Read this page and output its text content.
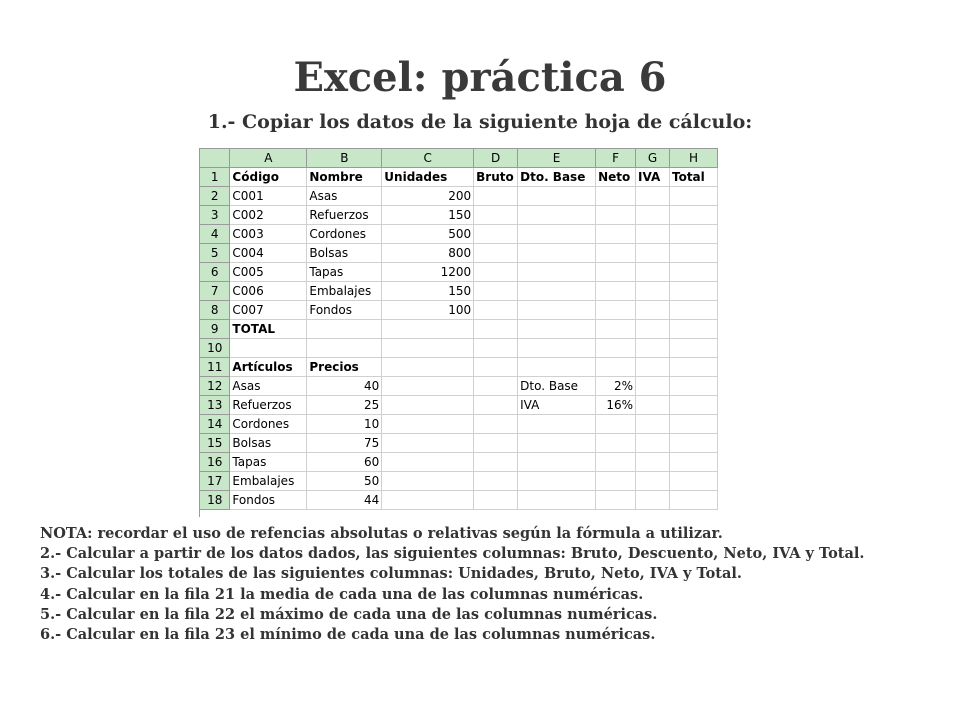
Excel: práctica 6
1.- Copiar los datos de la siguiente hoja de cálculo:
	A	B	C	D	E	F	G	H
1	Código	Nombre	Unidades	Bruto	Dto. Base	Neto	IVA	Total
2	C001	Asas	200					
3	C002	Refuerzos	150					
4	C003	Cordones	500					
5	C004	Bolsas	800					
6	C005	Tapas	1200					
7	C006	Embalajes	150					
8	C007	Fondos	100					
9	TOTAL							
10								
11	Artículos	Precios						
12	Asas	40			Dto. Base	2%		
13	Refuerzos	25			IVA	16%		
14	Cordones	10						
15	Bolsas	75						
16	Tapas	60						
17	Embalajes	50						
18	Fondos	44						
NOTA: recordar el uso de refencias absolutas o relativas según la fórmula a utilizar.
2.- Calcular a partir de los datos dados, las siguientes columnas: Bruto, Descuento, Neto, IVA y Total.
3.- Calcular los totales de las siguientes columnas: Unidades, Bruto, Neto, IVA y Total.
4.- Calcular en la fila 21 la media de cada una de las columnas numéricas.
5.- Calcular en la fila 22 el máximo de cada una de las columnas numéricas.
6.- Calcular en la fila 23 el mínimo de cada una de las columnas numéricas.
